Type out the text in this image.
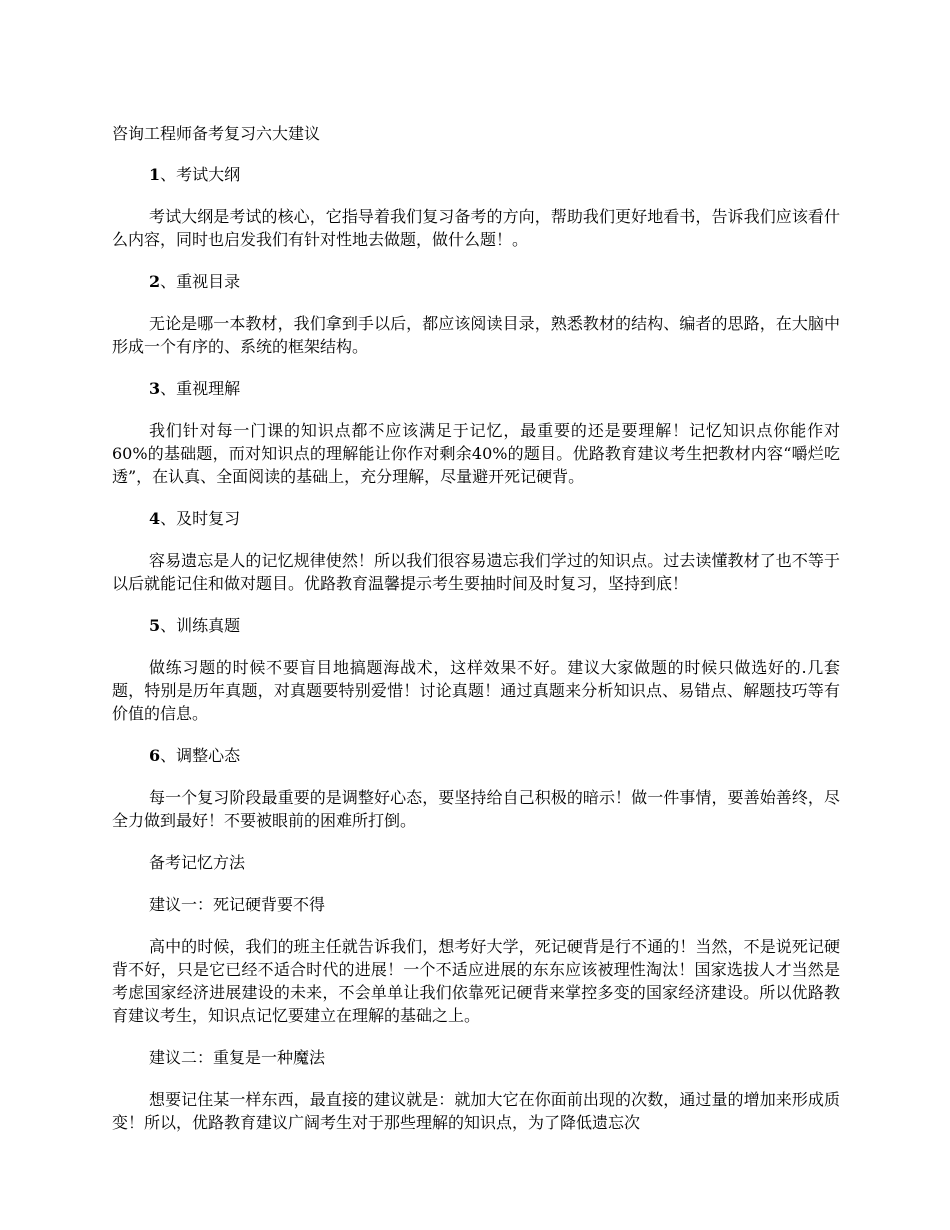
咨询工程师备考复习六大建议

1、考试大纲

考试大纲是考试的核心，它指导着我们复习备考的方向，帮助我们更好地看书，告诉我们应该看什么内容，同时也启发我们有针对性地去做题，做什么题！。

2、重视目录

无论是哪一本教材，我们拿到手以后，都应该阅读目录，熟悉教材的结构、编者的思路，在大脑中形成一个有序的、系统的框架结构。

3、重视理解

我们针对每一门课的知识点都不应该满足于记忆，最重要的还是要理解！记忆知识点你能作对60%的基础题，而对知识点的理解能让你作对剩余40%的题目。优路教育建议考生把教材内容“嚼烂吃透”，在认真、全面阅读的基础上，充分理解，尽量避开死记硬背。

4、及时复习

容易遗忘是人的记忆规律使然！所以我们很容易遗忘我们学过的知识点。过去读懂教材了也不等于以后就能记住和做对题目。优路教育温馨提示考生要抽时间及时复习，坚持到底！

5、训练真题

做练习题的时候不要盲目地搞题海战术，这样效果不好。建议大家做题的时候只做选好的.几套题，特别是历年真题，对真题要特别爱惜！讨论真题！通过真题来分析知识点、易错点、解题技巧等有价值的信息。

6、调整心态

每一个复习阶段最重要的是调整好心态，要坚持给自己积极的暗示！做一件事情，要善始善终，尽全力做到最好！不要被眼前的困难所打倒。

备考记忆方法

建议一：死记硬背要不得

高中的时候，我们的班主任就告诉我们，想考好大学，死记硬背是行不通的！当然，不是说死记硬背不好，只是它已经不适合时代的进展！一个不适应进展的东东应该被理性淘汰！国家选拔人才当然是考虑国家经济进展建设的未来，不会单单让我们依靠死记硬背来掌控多变的国家经济建设。所以优路教育建议考生，知识点记忆要建立在理解的基础之上。

建议二：重复是一种魔法

想要记住某一样东西，最直接的建议就是：就加大它在你面前出现的次数，通过量的增加来形成质变！所以，优路教育建议广阔考生对于那些理解的知识点，为了降低遗忘次
